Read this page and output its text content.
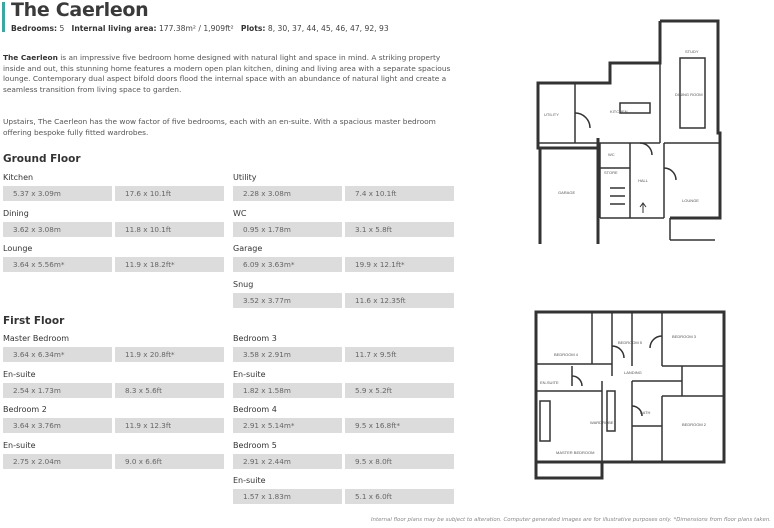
The Caerleon
Bedrooms: 5 Internal living area: 177.38m² / 1,909ft² Plots: 8, 30, 37, 44, 45, 46, 47, 92, 93

The Caerleon is an impressive five bedroom home designed with natural light and space in mind. A striking property inside and out, this stunning home features a modern open plan kitchen, dining and living area with a separate spacious lounge. Contemporary dual aspect bifold doors flood the internal space with an abundance of natural light and create a seamless transition from living space to garden.

Upstairs, The Caerleon has the wow factor of five bedrooms, each with an en-suite. With a spacious master bedroom offering bespoke fully fitted wardrobes.

Ground Floor
Kitchen
5.37 x 3.09m	17.6 x 10.1ft
Dining
3.62 x 3.08m	11.8 x 10.1ft
Lounge
3.64 x 5.56m*	11.9 x 18.2ft*
Utility
2.28 x 3.08m	7.4 x 10.1ft
WC
0.95 x 1.78m	3.1 x 5.8ft
Garage
6.09 x 3.63m*	19.9 x 12.1ft*
Snug
3.52 x 3.77m	11.6 x 12.35ft
First Floor
Master Bedroom
3.64 x 6.34m*	11.9 x 20.8ft*
En-suite
2.54 x 1.73m	8.3 x 5.6ft
Bedroom 2
3.64 x 3.76m	11.9 x 12.3ft
En-suite
2.75 x 2.04m	9.0 x 6.6ft
Bedroom 3
3.58 x 2.91m	11.7 x 9.5ft
En-suite
1.82 x 1.58m	5.9 x 5.2ft
Bedroom 4
2.91 x 5.14m*	9.5 x 16.8ft*
Bedroom 5
2.91 x 2.44m	9.5 x 8.0ft
En-suite
1.57 x 1.83m	5.1 x 6.0ft
STUDY
DINING ROOM
KITCHEN
UTILITY
GARAGE
WC
HALL
LOUNGE
STORE
BEDROOM 3
BEDROOM 4
EN-SUITE
LANDING
MASTER BEDROOM
WARDROBE	BEDROOM 2
BEDROOM 5
BATH
Internal floor plans may be subject to alteration. Computer generated images are for illustrative purposes only. *Dimensions from floor plans taken.
